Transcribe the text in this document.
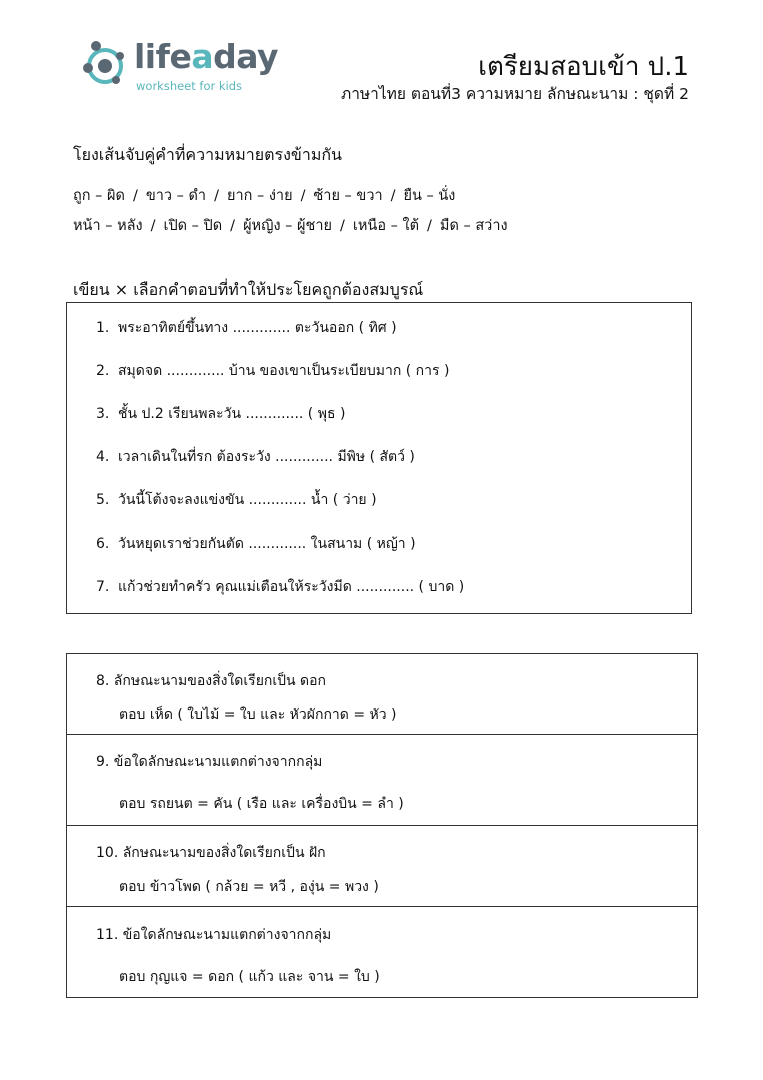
lifeaday
worksheet for kids
เตรียมสอบเข้า ป.1
ภาษาไทย ตอนที่3 ความหมาย ลักษณะนาม : ชุดที่ 2
โยงเส้นจับคู่คำที่ความหมายตรงข้ามกัน
ถูก – ผิด / ขาว – ดำ / ยาก – ง่าย / ซ้าย – ขวา / ยืน – นั่ง
หน้า – หลัง / เปิด – ปิด / ผู้หญิง – ผู้ชาย / เหนือ – ใต้ / มืด – สว่าง
เขียน × เลือกคำตอบที่ทำให้ประโยคถูกต้องสมบูรณ์
1. พระอาทิตย์ขึ้นทาง ............. ตะวันออก ( ทิศ )
2. สมุดจด ............. บ้าน ของเขาเป็นระเบียบมาก ( การ )
3. ชั้น ป.2 เรียนพละวัน ............. ( พุธ )
4. เวลาเดินในที่รก ต้องระวัง ............. มีพิษ ( สัตว์ )
5. วันนี้โต้งจะลงแข่งขัน ............. น้ำ ( ว่าย )
6. วันหยุดเราช่วยกันตัด ............. ในสนาม ( หญ้า )
7. แก้วช่วยทำครัว คุณแม่เตือนให้ระวังมีด ............. ( บาด )
8. ลักษณะนามของสิ่งใดเรียกเป็น ดอก
ตอบ เห็ด ( ใบไม้ = ใบ และ หัวผักกาด = หัว )
9. ข้อใดลักษณะนามแตกต่างจากกลุ่ม
ตอบ รถยนต = คัน ( เรือ และ เครื่องบิน = ลำ )
10. ลักษณะนามของสิ่งใดเรียกเป็น ฝัก
ตอบ ข้าวโพด ( กล้วย = หวี , องุ่น = พวง )
11. ข้อใดลักษณะนามแตกต่างจากกลุ่ม
ตอบ กุญแจ = ดอก ( แก้ว และ จาน = ใบ )
